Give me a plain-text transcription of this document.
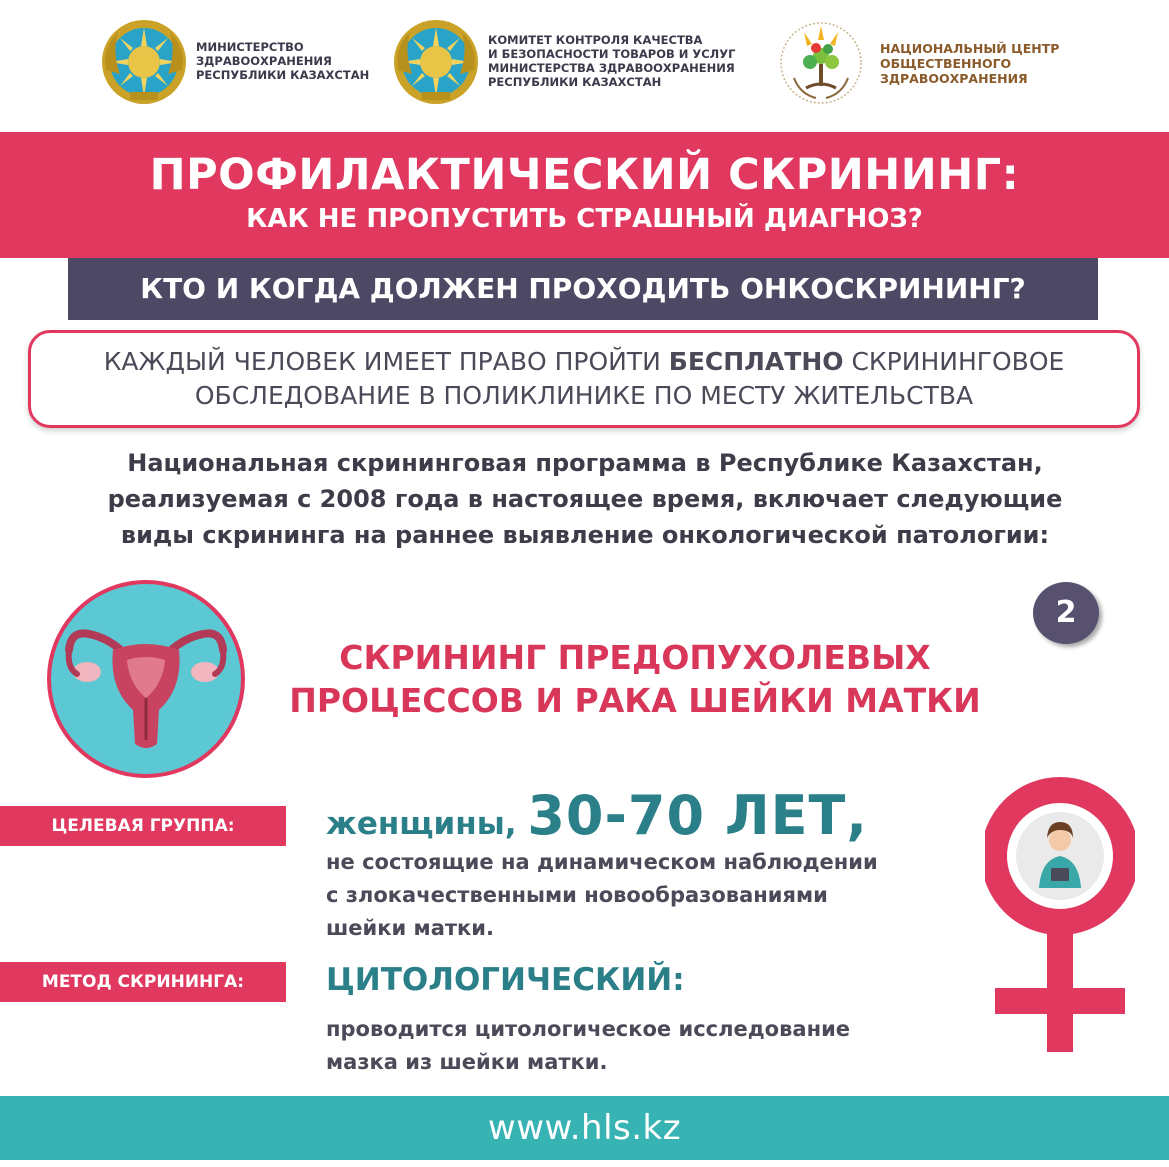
МИНИСТЕРСТВО
ЗДРАВООХРАНЕНИЯ
РЕСПУБЛИКИ КАЗАХСТАН
КОМИТЕТ КОНТРОЛЯ КАЧЕСТВА
И БЕЗОПАСНОСТИ ТОВАРОВ И УСЛУГ
МИНИСТЕРСТВА ЗДРАВООХРАНЕНИЯ
РЕСПУБЛИКИ КАЗАХСТАН
НАЦИОНАЛЬНЫЙ ЦЕНТР
ОБЩЕСТВЕННОГО
ЗДРАВООХРАНЕНИЯ
ПРОФИЛАКТИЧЕСКИЙ СКРИНИНГ:
КАК НЕ ПРОПУСТИТЬ СТРАШНЫЙ ДИАГНОЗ?
КТО И КОГДА ДОЛЖЕН ПРОХОДИТЬ ОНКОСКРИНИНГ?
КАЖДЫЙ ЧЕЛОВЕК ИМЕЕТ ПРАВО ПРОЙТИ БЕСПЛАТНО СКРИНИНГОВОЕ
ОБСЛЕДОВАНИЕ В ПОЛИКЛИНИКЕ ПО МЕСТУ ЖИТЕЛЬСТВА
Национальная скрининговая программа в Республике Казахстан,
реализуемая с 2008 года в настоящее время, включает следующие
виды скрининга на раннее выявление онкологической патологии:
2
СКРИНИНГ ПРЕДОПУХОЛЕВЫХ
ПРОЦЕССОВ И РАКА ШЕЙКИ МАТКИ
ЦЕЛЕВАЯ ГРУППА:	женщины, 30-70 ЛЕТ,
не состоящие на динамическом наблюдении
с злокачественными новообразованиями
шейки матки.
МЕТОД СКРИНИНГА:	ЦИТОЛОГИЧЕСКИЙ:
проводится цитологическое исследование
мазка из шейки матки.
www.hls.kz
